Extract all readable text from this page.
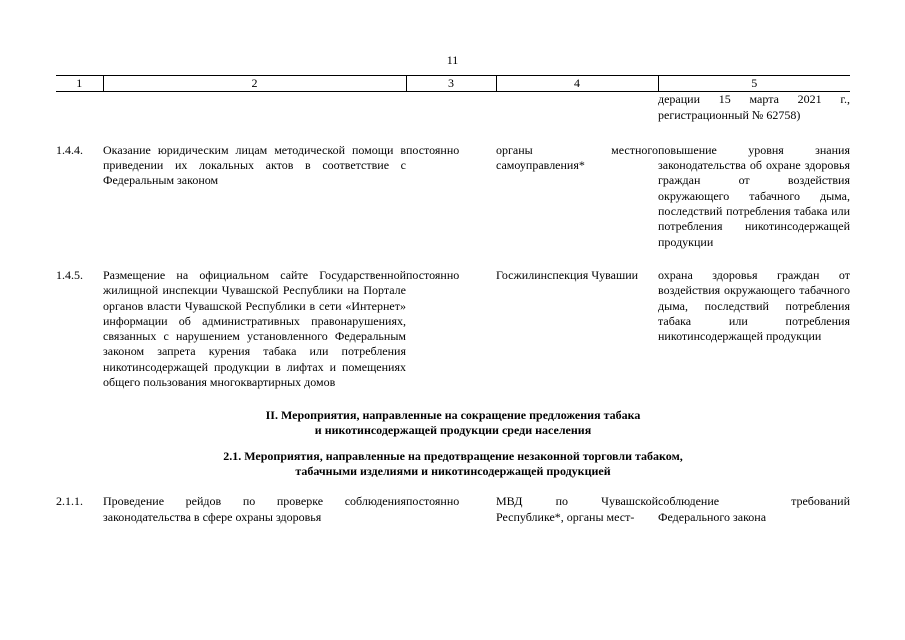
11
1	2	3	4	5
				дерации 15 марта 2021 г., регистрационный № 62758)

1.4.4.	Оказание юридическим лицам методической помощи в приведении их локальных актов в соответствие с Федеральным законом	постоянно	органы местного самоуправления*	повышение уровня знания законодательства об охране здоровья граждан от воздействия окружающего табачного дыма, последствий потребления табака или потребления никотинсодержащей продукции

1.4.5.	Размещение на официальном сайте Государственной жилищной инспекции Чувашской Республики на Портале органов власти Чувашской Республики в сети «Интернет» информации об административных правонарушениях, связанных с нарушением установленного Федеральным законом запрета курения табака или потребления никотинсодержащей продукции в лифтах и помещениях общего пользования многоквартирных домов	постоянно	Госжилинспекция Чувашии	охрана здоровья граждан от воздействия окружающего табачного дыма, последствий потребления табака или потребления никотинсодержащей продукции

II. Мероприятия, направленные на сокращение предложения табака
и никотинсодержащей продукции среди населения				

2.1. Мероприятия, направленные на предотвращение незаконной торговли табаком,
табачными изделиями и никотинсодержащей продукцией				

2.1.1.	Проведение рейдов по проверке соблюдения законодательства в сфере охраны здоровья	постоянно	МВД по Чувашской Республике*, органы мест-	соблюдение требований Федерального закона
